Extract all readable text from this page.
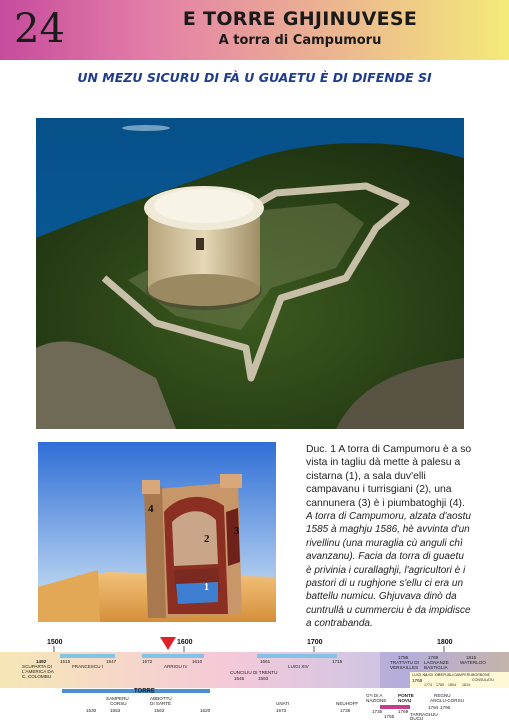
24	E TORRE GHJINUVESE
A torra di Campumoru
UN MEZU SICURU DI FÀ U GUAETU È DI DIFENDE SI
4
2
3
1
Duc. 1 A torra di Campumoru è a so vista in tagliu dà mette à palesu a cistarna (1), a sala duv'elli campavanu i turrisgiani (2), una cannunera (3) è i piumbatoghji (4).
A torra di Campumoru, alzata d'aostu 1585 à maghju 1586, hè avvinta d'un rivellinu (una muraglia cù anguli chì avanzanu). Facia da torra di guaetu è privinia i curallaghji, l'agricultori è i pastori di u rughjone s'ellu ci era un battellu numicu. Ghjuvava dinò da cuntrullà u cummerciu è da impidisce a contrabanda.
1500	1600	1700	1800
1492
SCUPARTA DI
L'AMERICA DA
C. COLOMBU
1515
FRANCESCU I
1547	1572
ARRIGU IV
1610	1661
LUIGI XIV
1715
CUNCILIU DI TRENTU
1545	1563
1755
TRATTATU DI
VERSAILLES
1768
1769
LAGNANZE
BASTIGLIA
1815
WATERLOO
LUIGI XV
LUIGI XVI
REPUBLICA IMPERU
1774 1789 1804 1814
BORBONE
CONSULATU
TORRE
SAMPERU
CORSU
1530	1553
ABBOTTU
DI SARTÈ
1563	1620
UNATI
1673
NEUHOFF
1736
G*I DI A
NAZIONE
1735
PONTE
NOVU
1769
1755
REGNU
ANGLU-CORSU
1794 1796
TARRAGHJU
DUCU
